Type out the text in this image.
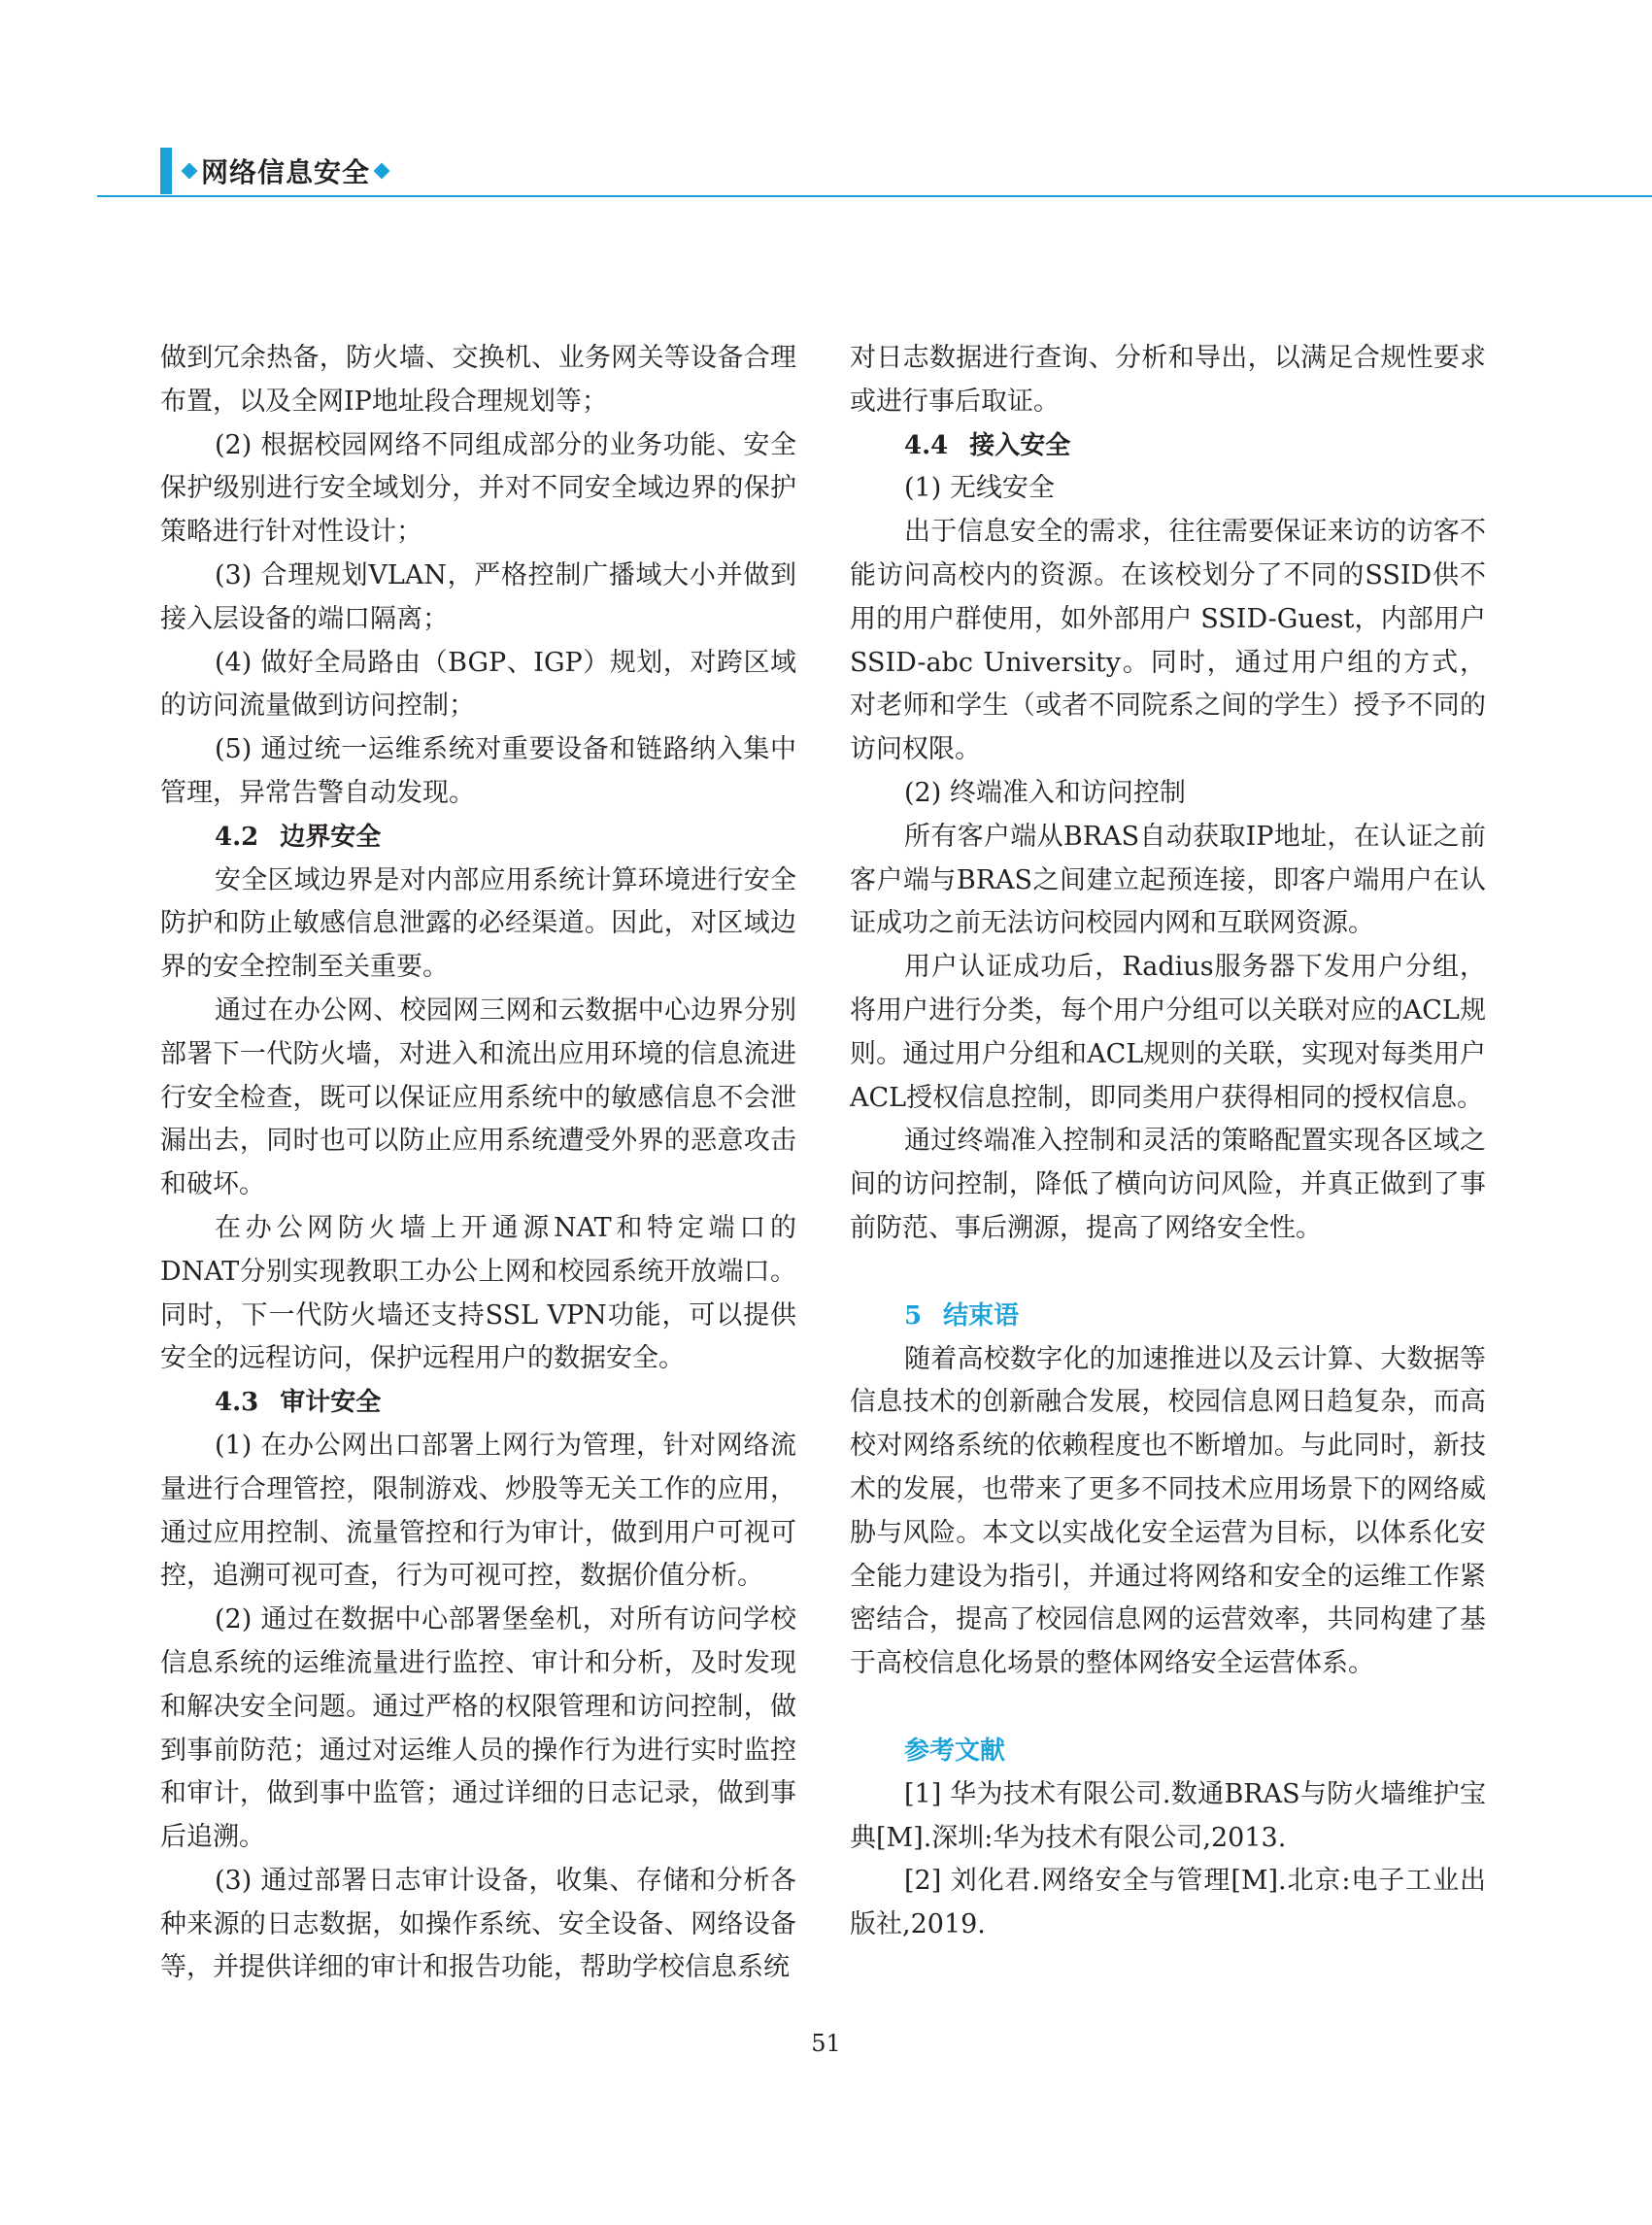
网络信息安全

做到冗余热备，防火墙、交换机、业务网关等设备合理布置，以及全网IP地址段合理规划等；

(2) 根据校园网络不同组成部分的业务功能、安全保护级别进行安全域划分，并对不同安全域边界的保护策略进行针对性设计；

(3) 合理规划VLAN，严格控制广播域大小并做到接入层设备的端口隔离；

(4) 做好全局路由（BGP、IGP）规划，对跨区域的访问流量做到访问控制；

(5) 通过统一运维系统对重要设备和链路纳入集中管理，异常告警自动发现。

4.2 边界安全

安全区域边界是对内部应用系统计算环境进行安全防护和防止敏感信息泄露的必经渠道。因此，对区域边界的安全控制至关重要。

通过在办公网、校园网三网和云数据中心边界分别部署下一代防火墙，对进入和流出应用环境的信息流进行安全检查，既可以保证应用系统中的敏感信息不会泄漏出去，同时也可以防止应用系统遭受外界的恶意攻击和破坏。

在办公网防火墙上开通源NAT和特定端口的DNAT分别实现教职工办公上网和校园系统开放端口。同时，下一代防火墙还支持SSL VPN功能，可以提供安全的远程访问，保护远程用户的数据安全。

4.3 审计安全

(1) 在办公网出口部署上网行为管理，针对网络流量进行合理管控，限制游戏、炒股等无关工作的应用，通过应用控制、流量管控和行为审计，做到用户可视可控，追溯可视可查，行为可视可控，数据价值分析。

(2) 通过在数据中心部署堡垒机，对所有访问学校信息系统的运维流量进行监控、审计和分析，及时发现和解决安全问题。通过严格的权限管理和访问控制，做到事前防范；通过对运维人员的操作行为进行实时监控和审计，做到事中监管；通过详细的日志记录，做到事后追溯。

(3) 通过部署日志审计设备，收集、存储和分析各种来源的日志数据，如操作系统、安全设备、网络设备等，并提供详细的审计和报告功能，帮助学校信息系统

对日志数据进行查询、分析和导出，以满足合规性要求或进行事后取证。

4.4 接入安全

(1) 无线安全

出于信息安全的需求，往往需要保证来访的访客不能访问高校内的资源。在该校划分了不同的SSID供不用的用户群使用，如外部用户 SSID-Guest，内部用户 SSID-abc University。同时，通过用户组的方式，对老师和学生（或者不同院系之间的学生）授予不同的访问权限。

(2) 终端准入和访问控制

所有客户端从BRAS自动获取IP地址，在认证之前客户端与BRAS之间建立起预连接，即客户端用户在认证成功之前无法访问校园内网和互联网资源。

用户认证成功后，Radius服务器下发用户分组，将用户进行分类，每个用户分组可以关联对应的ACL规则。通过用户分组和ACL规则的关联，实现对每类用户ACL授权信息控制，即同类用户获得相同的授权信息。

通过终端准入控制和灵活的策略配置实现各区域之间的访问控制，降低了横向访问风险，并真正做到了事前防范、事后溯源，提高了网络安全性。

5 结束语

随着高校数字化的加速推进以及云计算、大数据等信息技术的创新融合发展，校园信息网日趋复杂，而高校对网络系统的依赖程度也不断增加。与此同时，新技术的发展，也带来了更多不同技术应用场景下的网络威胁与风险。本文以实战化安全运营为目标，以体系化安全能力建设为指引，并通过将网络和安全的运维工作紧密结合，提高了校园信息网的运营效率，共同构建了基于高校信息化场景的整体网络安全运营体系。

参考文献

[1] 华为技术有限公司.数通BRAS与防火墙维护宝典[M].深圳:华为技术有限公司,2013.

[2] 刘化君.网络安全与管理[M].北京:电子工业出版社,2019.

51
